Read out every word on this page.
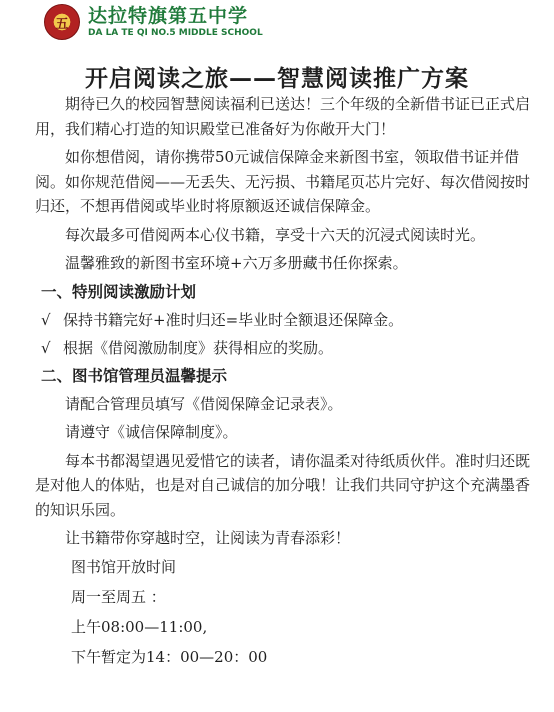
五	达拉特旗第五中学
DA LA TE QI NO.5 MIDDLE SCHOOL
开启阅读之旅——智慧阅读推广方案

期待已久的校园智慧阅读福利已送达！三个年级的全新借书证已正式启用，我们精心打造的知识殿堂已准备好为你敞开大门！

如你想借阅，请你携带50元诚信保障金来新图书室，领取借书证并借阅。如你规范借阅——无丢失、无污损、书籍尾页芯片完好、每次借阅按时归还，不想再借阅或毕业时将原额返还诚信保障金。

每次最多可借阅两本心仪书籍，享受十六天的沉浸式阅读时光。

温馨雅致的新图书室环境+六万多册藏书任你探索。

一、特别阅读激励计划
√ 保持书籍完好+准时归还=毕业时全额退还保障金。
√ 根据《借阅激励制度》获得相应的奖励。
二、图书馆管理员温馨提示

请配合管理员填写《借阅保障金记录表》。

请遵守《诚信保障制度》。

每本书都渴望遇见爱惜它的读者，请你温柔对待纸质伙伴。准时归还既是对他人的体贴，也是对自己诚信的加分哦！让我们共同守护这个充满墨香的知识乐园。

让书籍带你穿越时空，让阅读为青春添彩！

图书馆开放时间
周一至周五 ：
上午08:00—11:00,
下午暂定为14：00—20：00
